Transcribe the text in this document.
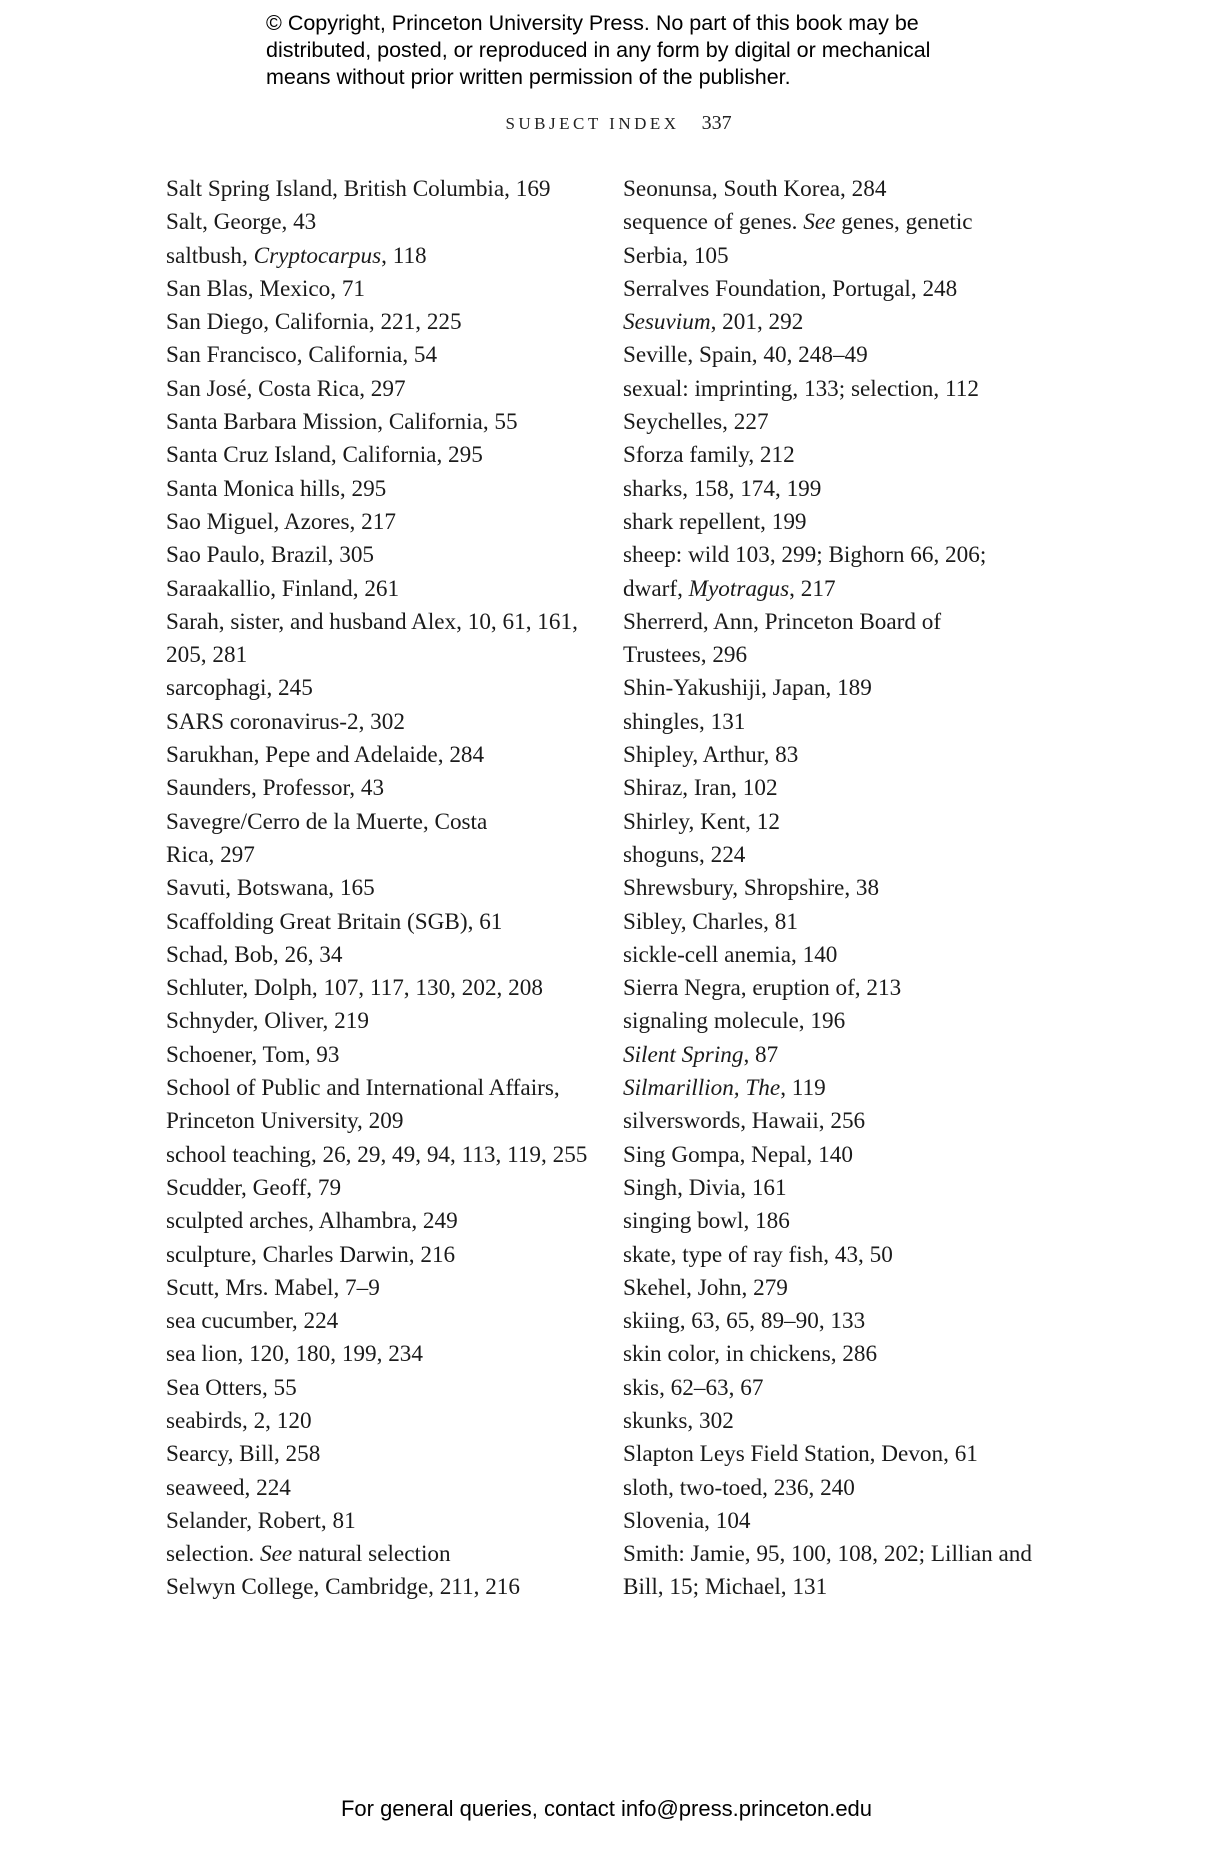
© Copyright, Princeton University Press. No part of this book may be
distributed, posted, or reproduced in any form by digital or mechanical
means without prior written permission of the publisher.
SUBJECT INDEX 337
Salt Spring Island, British Columbia, 169
Salt, George, 43
saltbush, Cryptocarpus, 118
San Blas, Mexico, 71
San Diego, California, 221, 225
San Francisco, California, 54
San José, Costa Rica, 297
Santa Barbara Mission, California, 55
Santa Cruz Island, California, 295
Santa Monica hills, 295
Sao Miguel, Azores, 217
Sao Paulo, Brazil, 305
Saraakallio, Finland, 261
Sarah, sister, and husband Alex, 10, 61, 161,
205, 281
sarcophagi, 245
SARS coronavirus-2, 302
Sarukhan, Pepe and Adelaide, 284
Saunders, Professor, 43
Savegre/Cerro de la Muerte, Costa
Rica, 297
Savuti, Botswana, 165
Scaffolding Great Britain (SGB), 61
Schad, Bob, 26, 34
Schluter, Dolph, 107, 117, 130, 202, 208
Schnyder, Oliver, 219
Schoener, Tom, 93
School of Public and International Affairs,
Princeton University, 209
school teaching, 26, 29, 49, 94, 113, 119, 255
Scudder, Geoff, 79
sculpted arches, Alhambra, 249
sculpture, Charles Darwin, 216
Scutt, Mrs. Mabel, 7–9
sea cucumber, 224
sea lion, 120, 180, 199, 234
Sea Otters, 55
seabirds, 2, 120
Searcy, Bill, 258
seaweed, 224
Selander, Robert, 81
selection. See natural selection
Selwyn College, Cambridge, 211, 216
Seonunsa, South Korea, 284
sequence of genes. See genes, genetic
Serbia, 105
Serralves Foundation, Portugal, 248
Sesuvium, 201, 292
Seville, Spain, 40, 248–49
sexual: imprinting, 133; selection, 112
Seychelles, 227
Sforza family, 212
sharks, 158, 174, 199
shark repellent, 199
sheep: wild 103, 299; Bighorn 66, 206;
dwarf, Myotragus, 217
Sherrerd, Ann, Princeton Board of
Trustees, 296
Shin-Yakushiji, Japan, 189
shingles, 131
Shipley, Arthur, 83
Shiraz, Iran, 102
Shirley, Kent, 12
shoguns, 224
Shrewsbury, Shropshire, 38
Sibley, Charles, 81
sickle-cell anemia, 140
Sierra Negra, eruption of, 213
signaling molecule, 196
Silent Spring, 87
Silmarillion, The, 119
silverswords, Hawaii, 256
Sing Gompa, Nepal, 140
Singh, Divia, 161
singing bowl, 186
skate, type of ray fish, 43, 50
Skehel, John, 279
skiing, 63, 65, 89–90, 133
skin color, in chickens, 286
skis, 62–63, 67
skunks, 302
Slapton Leys Field Station, Devon, 61
sloth, two-toed, 236, 240
Slovenia, 104
Smith: Jamie, 95, 100, 108, 202; Lillian and
Bill, 15; Michael, 131
For general queries, contact info@press.princeton.edu
